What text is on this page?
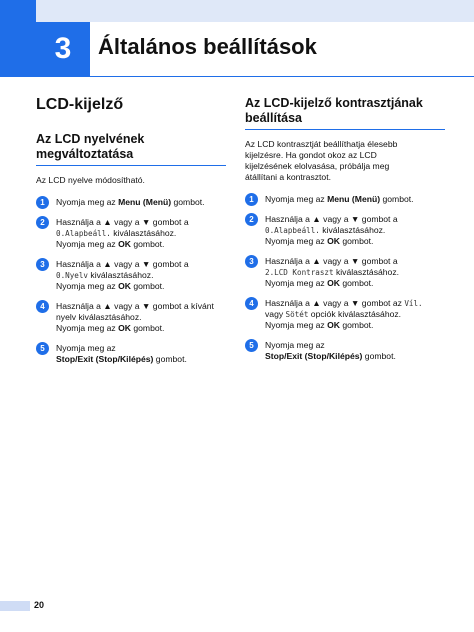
3	Általános beállítások
LCD-kijelző
Az LCD nyelvének
megváltoztatása
Az LCD nyelve módosítható.
1	Nyomja meg az Menu (Menü) gombot.
2	Használja a ▲ vagy a ▼ gombot a
0.Alapbeáll. kiválasztásához.
Nyomja meg az OK gombot.
3	Használja a ▲ vagy a ▼ gombot a
0.Nyelv kiválasztásához.
Nyomja meg az OK gombot.
4	Használja a ▲ vagy a ▼ gombot a kívánt
nyelv kiválasztásához.
Nyomja meg az OK gombot.
5	Nyomja meg az
Stop/Exit (Stop/Kilépés) gombot.
Az LCD-kijelző kontrasztjának
beállítása
Az LCD kontrasztját beállíthatja élesebb
kijelzésre. Ha gondot okoz az LCD
kijelzésének elolvasása, próbálja meg
átállítani a kontrasztot.
1	Nyomja meg az Menu (Menü) gombot.
2	Használja a ▲ vagy a ▼ gombot a
0.Alapbeáll. kiválasztásához.
Nyomja meg az OK gombot.
3	Használja a ▲ vagy a ▼ gombot a
2.LCD Kontraszt kiválasztásához.
Nyomja meg az OK gombot.
4	Használja a ▲ vagy a ▼ gombot az Víl.
vagy Sötét opciók kiválasztásához.
Nyomja meg az OK gombot.
5	Nyomja meg az
Stop/Exit (Stop/Kilépés) gombot.
20
